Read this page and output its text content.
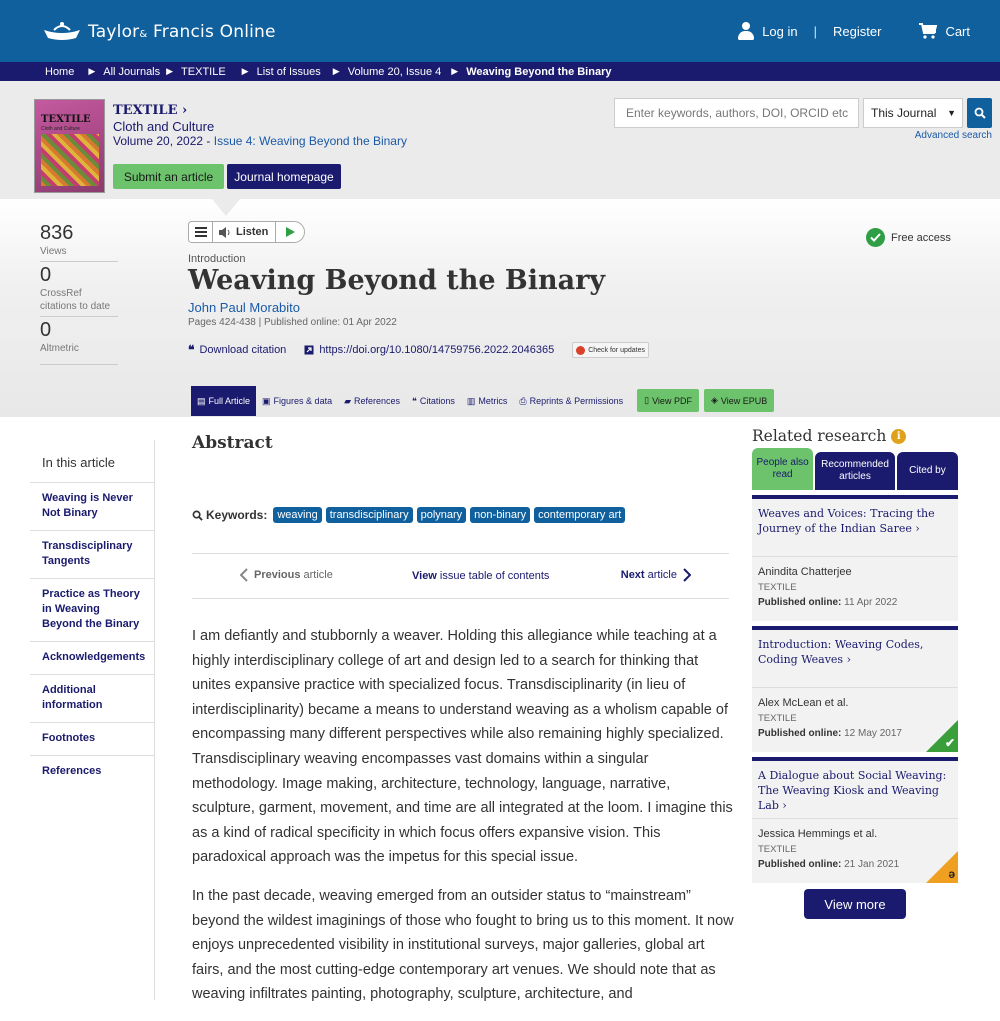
Taylor& Francis Online	Log in | Register	Cart
Home ▶ All Journals ▶ TEXTILE ▶ List of Issues ▶ Volume 20, Issue 4 ▶ Weaving Beyond the Binary
TEXTILE
Cloth and Culture
TEXTILE ›
Cloth and Culture
Volume 20, 2022 - Issue 4: Weaving Beyond the Binary
Submit an article	Journal homepage
Enter keywords, authors, DOI, ORCID etc	This Journal ▼
Advanced search
836
Views
0
CrossRef citations to date
0
Altmetric
Listen	Free access
Introduction
Weaving Beyond the Binary
John Paul Morabito
Pages 424-438 | Published online: 01 Apr 2022
❝ Download citation	https://doi.org/10.1080/14759756.2022.2046365	Check for updates
▤ Full Article ▣ Figures & data ▰ References ❝ Citations ▥ Metrics ⎙ Reprints & Permissions ▯ View PDF ◈ View EPUB
In this article
Weaving is Never Not Binary
Transdisciplinary Tangents
Practice as Theory in Weaving Beyond the Binary
Acknowledgements
Additional information
Footnotes
References
Abstract
Keywords: weaving	transdisciplinary	polynary	non-binary	contemporary art
Previous article	View issue table of contents	Next article

I am defiantly and stubbornly a weaver. Holding this allegiance while teaching at a highly interdisciplinary college of art and design led to a search for thinking that unites expansive practice with specialized focus. Transdisciplinarity (in lieu of interdisciplinarity) became a means to understand weaving as a wholism capable of encompassing many different perspectives while also remaining highly specialized. Transdisciplinary weaving encompasses vast domains within a singular methodology. Image making, architecture, technology, language, narrative, sculpture, garment, movement, and time are all integrated at the loom. I imagine this as a kind of radical specificity in which focus offers expansive vision. This paradoxical approach was the impetus for this special issue.

In the past decade, weaving emerged from an outsider status to “mainstream” beyond the wildest imaginings of those who fought to bring us to this moment. It now enjoys unprecedented visibility in institutional surveys, major galleries, global art fairs, and the most cutting-edge contemporary art venues. We should note that as weaving infiltrates painting, photography, sculpture, architecture, and

Related research	i
People also read
Recommended articles
Cited by
Weaves and Voices: Tracing the Journey of the Indian Saree ›
Anindita Chatterjee
TEXTILE
Published online: 11 Apr 2022
Introduction: Weaving Codes, Coding Weaves ›
Alex McLean et al.
TEXTILE
Published online: 12 May 2017
✔
A Dialogue about Social Weaving: The Weaving Kiosk and Weaving Lab ›
Jessica Hemmings et al.
TEXTILE
Published online: 21 Jan 2021
ə
View more
